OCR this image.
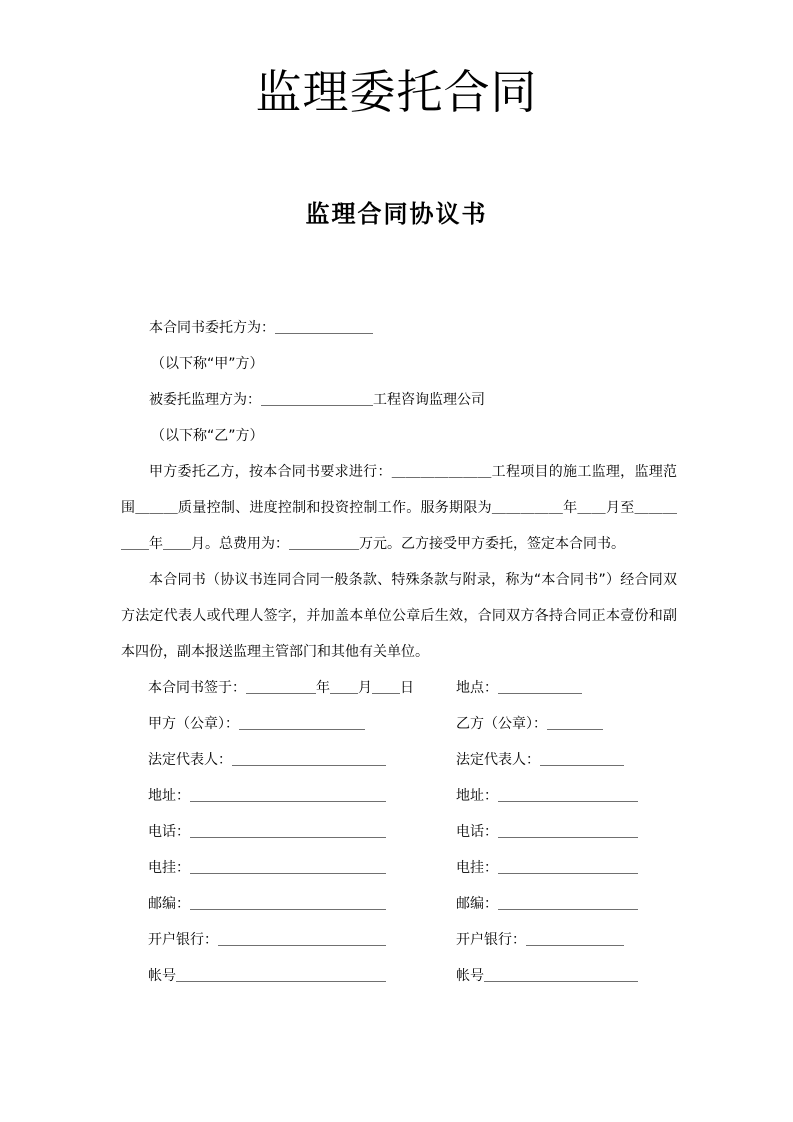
监理委托合同
监理合同协议书
本合同书委托方为：＿＿＿＿＿＿＿
（以下称“甲”方）
被委托监理方为：＿＿＿＿＿＿＿＿工程咨询监理公司
（以下称“乙”方）
甲方委托乙方，按本合同书要求进行：＿＿＿＿＿＿＿工程项目的施工监理，监理范围＿＿＿质量控制、进度控制和投资控制工作。服务期限为＿＿＿＿＿年＿＿月至＿＿＿＿＿年＿＿月。总费用为：＿＿＿＿＿万元。乙方接受甲方委托，签定本合同书。
本合同书（协议书连同合同一般条款、特殊条款与附录，称为“本合同书”）经合同双方法定代表人或代理人签字，并加盖本单位公章后生效，合同双方各持合同正本壹份和副本四份，副本报送监理主管部门和其他有关单位。
本合同书签于：＿＿＿＿＿年＿＿月＿＿日	地点：＿＿＿＿＿＿
甲方（公章）：＿＿＿＿＿＿＿＿＿	乙方（公章）：＿＿＿＿
法定代表人：＿＿＿＿＿＿＿＿＿＿＿	法定代表人：＿＿＿＿＿＿
地址：＿＿＿＿＿＿＿＿＿＿＿＿＿＿	地址：＿＿＿＿＿＿＿＿＿＿
电话：＿＿＿＿＿＿＿＿＿＿＿＿＿＿	电话：＿＿＿＿＿＿＿＿＿＿
电挂：＿＿＿＿＿＿＿＿＿＿＿＿＿＿	电挂：＿＿＿＿＿＿＿＿＿＿
邮编：＿＿＿＿＿＿＿＿＿＿＿＿＿＿	邮编：＿＿＿＿＿＿＿＿＿＿
开户银行：＿＿＿＿＿＿＿＿＿＿＿＿	开户银行：＿＿＿＿＿＿＿
帐号＿＿＿＿＿＿＿＿＿＿＿＿＿＿＿	帐号＿＿＿＿＿＿＿＿＿＿＿
